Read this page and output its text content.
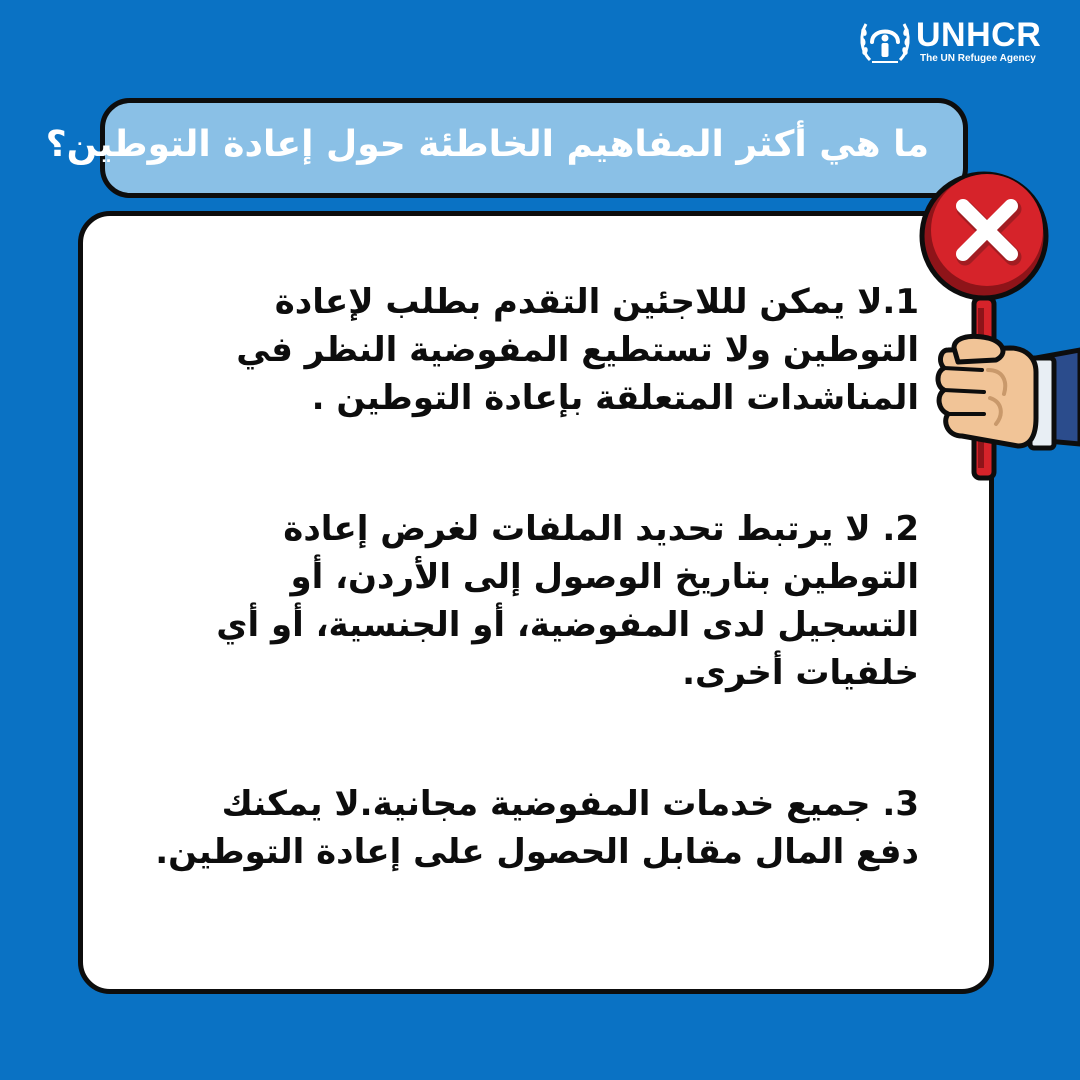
UNHCR
The UN Refugee Agency
ما هي أكثر المفاهيم الخاطئة حول إعادة التوطين؟

1.لا يمكن لللاجئين التقدم بطلب لإعادة التوطين ولا تستطيع المفوضية النظر في المناشدات المتعلقة بإعادة التوطين .

2. لا يرتبط تحديد الملفات لغرض إعادة التوطين بتاريخ الوصول إلى الأردن، أو التسجيل لدى المفوضية، أو الجنسية، أو أي خلفيات أخرى.

3. جميع خدمات المفوضية مجانية.لا يمكنك دفع المال مقابل الحصول على إعادة التوطين.
